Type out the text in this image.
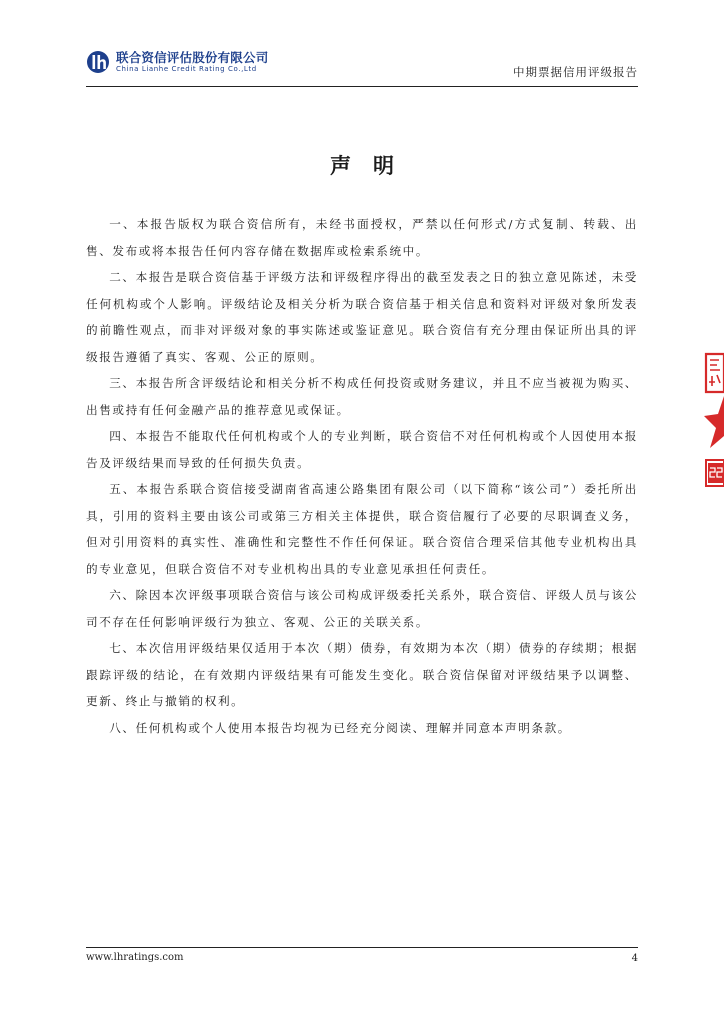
联合资信评估股份有限公司
China Lianhe Credit Rating Co.,Ltd	中期票据信用评级报告
声明

一、本报告版权为联合资信所有，未经书面授权，严禁以任何形式/方式复制、转载、出售、发布或将本报告任何内容存储在数据库或检索系统中。

二、本报告是联合资信基于评级方法和评级程序得出的截至发表之日的独立意见陈述，未受任何机构或个人影响。评级结论及相关分析为联合资信基于相关信息和资料对评级对象所发表的前瞻性观点，而非对评级对象的事实陈述或鉴证意见。联合资信有充分理由保证所出具的评级报告遵循了真实、客观、公正的原则。

三、本报告所含评级结论和相关分析不构成任何投资或财务建议，并且不应当被视为购买、出售或持有任何金融产品的推荐意见或保证。

四、本报告不能取代任何机构或个人的专业判断，联合资信不对任何机构或个人因使用本报告及评级结果而导致的任何损失负责。

五、本报告系联合资信接受湖南省高速公路集团有限公司（以下简称“该公司”）委托所出具，引用的资料主要由该公司或第三方相关主体提供，联合资信履行了必要的尽职调查义务，但对引用资料的真实性、准确性和完整性不作任何保证。联合资信合理采信其他专业机构出具的专业意见，但联合资信不对专业机构出具的专业意见承担任何责任。

六、除因本次评级事项联合资信与该公司构成评级委托关系外，联合资信、评级人员与该公司不存在任何影响评级行为独立、客观、公正的关联关系。

七、本次信用评级结果仅适用于本次（期）债券，有效期为本次（期）债券的存续期；根据跟踪评级的结论，在有效期内评级结果有可能发生变化。联合资信保留对评级结果予以调整、更新、终止与撤销的权利。

八、任何机构或个人使用本报告均视为已经充分阅读、理解并同意本声明条款。

www.lhratings.com	4
